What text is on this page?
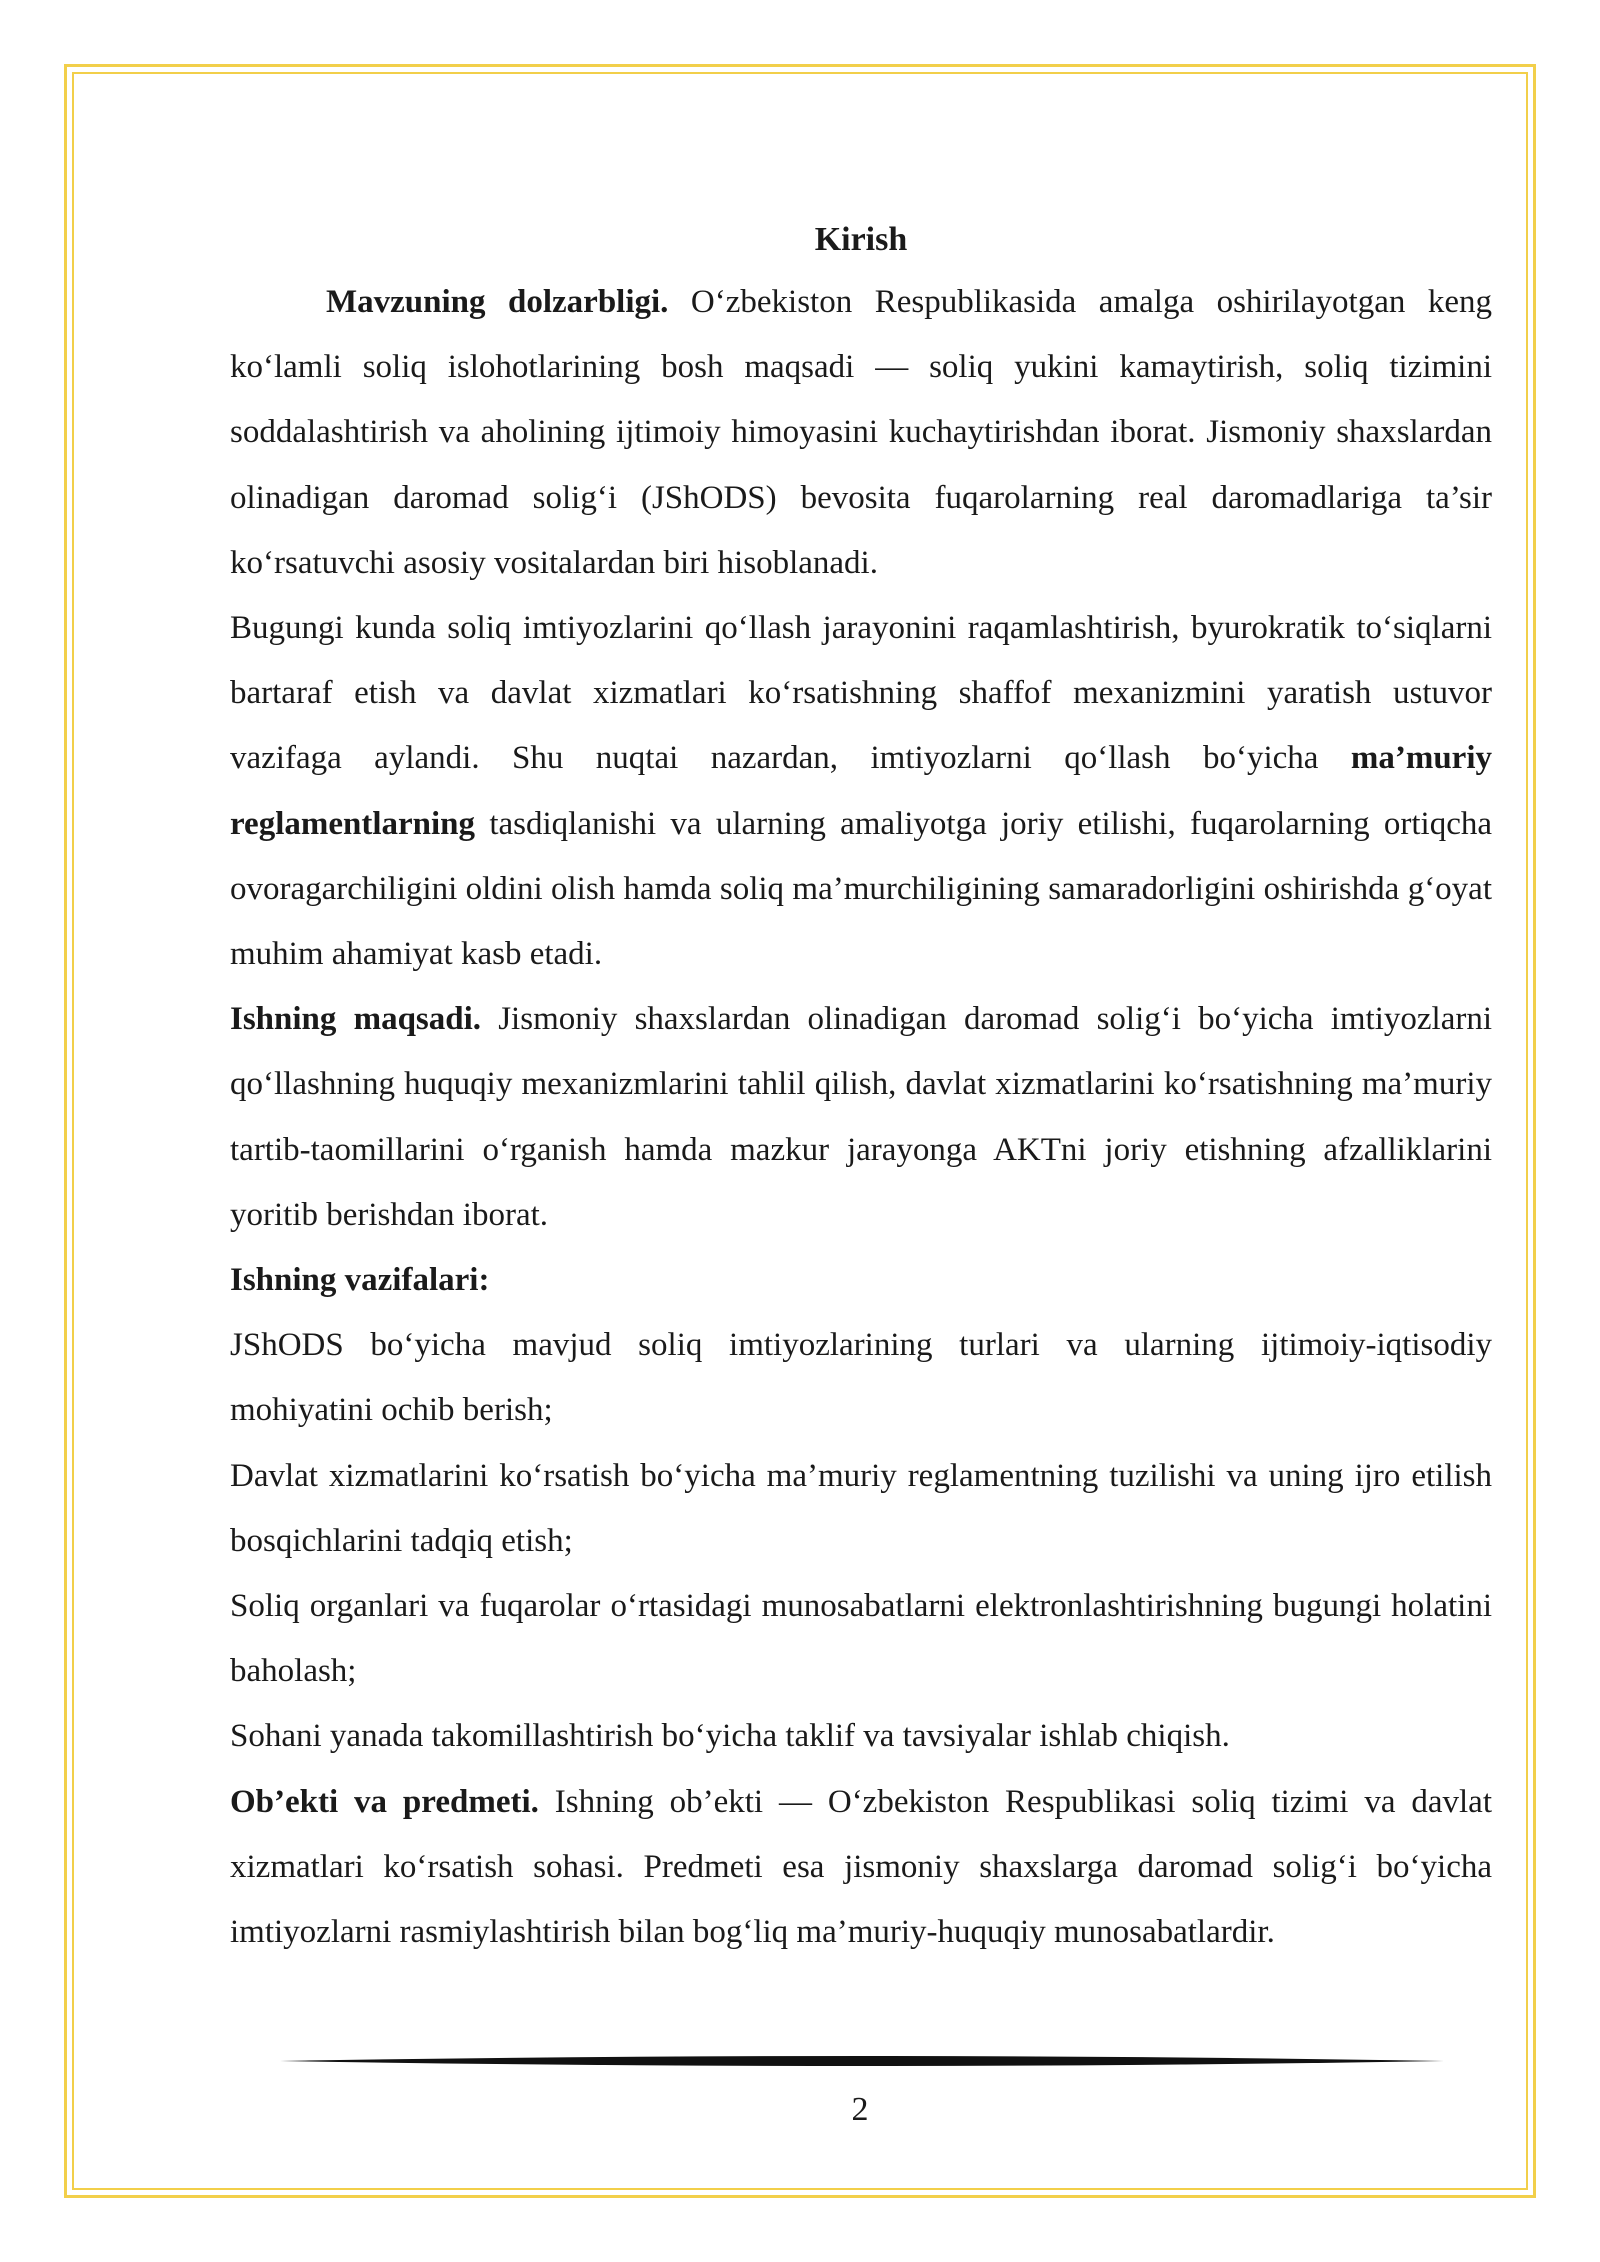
Kirish

Mavzuning dolzarbligi. O‘zbekiston Respublikasida amalga oshirilayotgan keng ko‘lamli soliq islohotlarining bosh maqsadi — soliq yukini kamaytirish, soliq tizimini soddalashtirish va aholining ijtimoiy himoyasini kuchaytirishdan iborat. Jismoniy shaxslardan olinadigan daromad solig‘i (JShODS) bevosita fuqarolarning real daromadlariga ta’sir ko‘rsatuvchi asosiy vositalardan biri hisoblanadi.

Bugungi kunda soliq imtiyozlarini qo‘llash jarayonini raqamlashtirish, byurokratik to‘siqlarni bartaraf etish va davlat xizmatlari ko‘rsatishning shaffof mexanizmini yaratish ustuvor vazifaga aylandi. Shu nuqtai nazardan, imtiyozlarni qo‘llash bo‘yicha ma’muriy reglamentlarning tasdiqlanishi va ularning amaliyotga joriy etilishi, fuqarolarning ortiqcha ovoragarchiligini oldini olish hamda soliq ma’murchiligining samaradorligini oshirishda g‘oyat muhim ahamiyat kasb etadi.

Ishning maqsadi. Jismoniy shaxslardan olinadigan daromad solig‘i bo‘yicha imtiyozlarni qo‘llashning huquqiy mexanizmlarini tahlil qilish, davlat xizmatlarini ko‘rsatishning ma’muriy tartib-taomillarini o‘rganish hamda mazkur jarayonga AKTni joriy etishning afzalliklarini yoritib berishdan iborat.

Ishning vazifalari:

JShODS bo‘yicha mavjud soliq imtiyozlarining turlari va ularning ijtimoiy-iqtisodiy mohiyatini ochib berish;

Davlat xizmatlarini ko‘rsatish bo‘yicha ma’muriy reglamentning tuzilishi va uning ijro etilish bosqichlarini tadqiq etish;

Soliq organlari va fuqarolar o‘rtasidagi munosabatlarni elektronlashtirishning bugungi holatini baholash;

Sohani yanada takomillashtirish bo‘yicha taklif va tavsiyalar ishlab chiqish.

Ob’ekti va predmeti. Ishning ob’ekti — O‘zbekiston Respublikasi soliq tizimi va davlat xizmatlari ko‘rsatish sohasi. Predmeti esa jismoniy shaxslarga daromad solig‘i bo‘yicha imtiyozlarni rasmiylashtirish bilan bog‘liq ma’muriy-huquqiy munosabatlardir.

2
